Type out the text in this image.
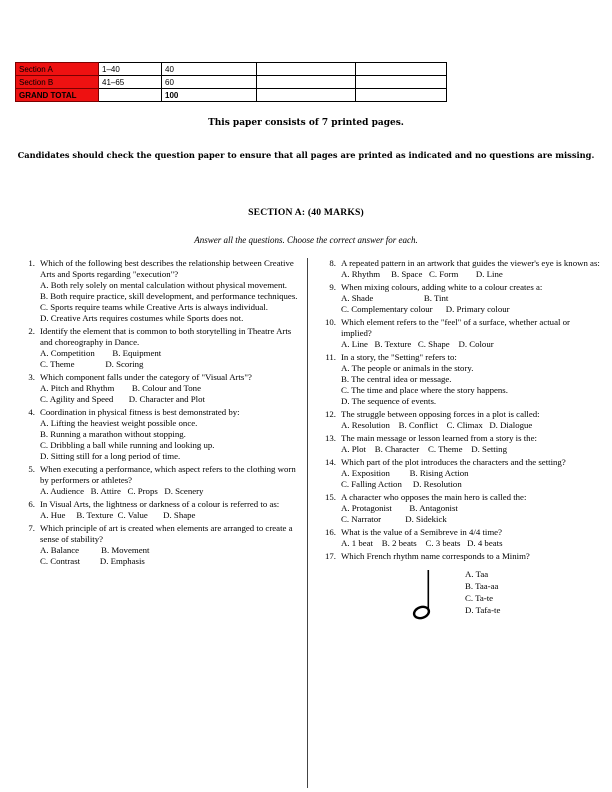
Section A	1–40	40		
Section B	41–65	60		
GRAND TOTAL		100		
This paper consists of 7 printed pages.
Candidates should check the question paper to ensure that all pages are printed as indicated and no questions are missing.
SECTION A: (40 MARKS)
Answer all the questions. Choose the correct answer for each.
1. Which of the following best describes the relationship between Creative Arts and Sports regarding "execution"?
A. Both rely solely on mental calculation without physical movement.
B. Both require practice, skill development, and performance techniques.
C. Sports require teams while Creative Arts is always individual.
D. Creative Arts requires costumes while Sports does not.
2. Identify the element that is common to both storytelling in Theatre Arts and choreography in Dance.
A. Competition        B. Equipment
C. Theme              D. Scoring
3. Which component falls under the category of "Visual Arts"?
A. Pitch and Rhythm        B. Colour and Tone
C. Agility and Speed       D. Character and Plot
4. Coordination in physical fitness is best demonstrated by:
A. Lifting the heaviest weight possible once.
B. Running a marathon without stopping.
C. Dribbling a ball while running and looking up.
D. Sitting still for a long period of time.
5. When executing a performance, which aspect refers to the clothing worn by performers or athletes?
A. Audience   B. Attire   C. Props   D. Scenery
6. In Visual Arts, the lightness or darkness of a colour is referred to as:
A. Hue     B. Texture  C. Value       D. Shape
7. Which principle of art is created when elements are arranged to create a sense of stability?
A. Balance          B. Movement
C. Contrast         D. Emphasis
8. A repeated pattern in an artwork that guides the viewer's eye is known as:
A. Rhythm     B. Space   C. Form        D. Line
9. When mixing colours, adding white to a colour creates a:
A. Shade                       B. Tint
C. Complementary colour      D. Primary colour
10. Which element refers to the "feel" of a surface, whether actual or implied?
A. Line   B. Texture   C. Shape    D. Colour
11. In a story, the "Setting" refers to:
A. The people or animals in the story.
B. The central idea or message.
C. The time and place where the story happens.
D. The sequence of events.
12. The struggle between opposing forces in a plot is called:
A. Resolution    B. Conflict    C. Climax   D. Dialogue
13. The main message or lesson learned from a story is the:
A. Plot    B. Character    C. Theme    D. Setting
14. Which part of the plot introduces the characters and the setting?
A. Exposition         B. Rising Action
C. Falling Action     D. Resolution
15. A character who opposes the main hero is called the:
A. Protagonist        B. Antagonist
C. Narrator           D. Sidekick
16. What is the value of a Semibreve in 4/4 time?
A. 1 beat    B. 2 beats    C. 3 beats   D. 4 beats
17. Which French rhythm name corresponds to a Minim?
A. Taa
B. Taa-aa
C. Ta-te
D. Tafa-te
